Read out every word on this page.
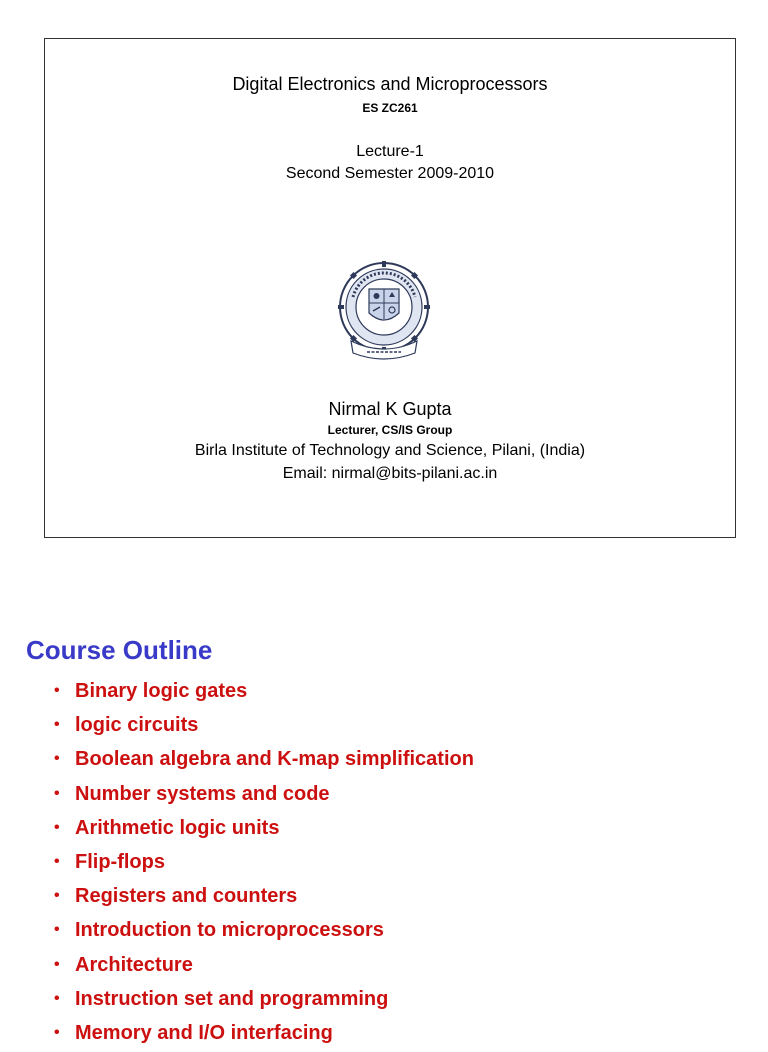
Digital Electronics and Microprocessors
ES ZC261
Lecture-1
Second Semester 2009-2010
Nirmal K Gupta
Lecturer, CS/IS Group
Birla Institute of Technology and Science, Pilani, (India)
Email: nirmal@bits-pilani.ac.in
Course Outline
• Binary logic gates
• logic circuits
• Boolean algebra and K-map simplification
• Number systems and code
• Arithmetic logic units
• Flip-flops
• Registers and counters
• Introduction to microprocessors
• Architecture
• Instruction set and programming
• Memory and I/O interfacing
